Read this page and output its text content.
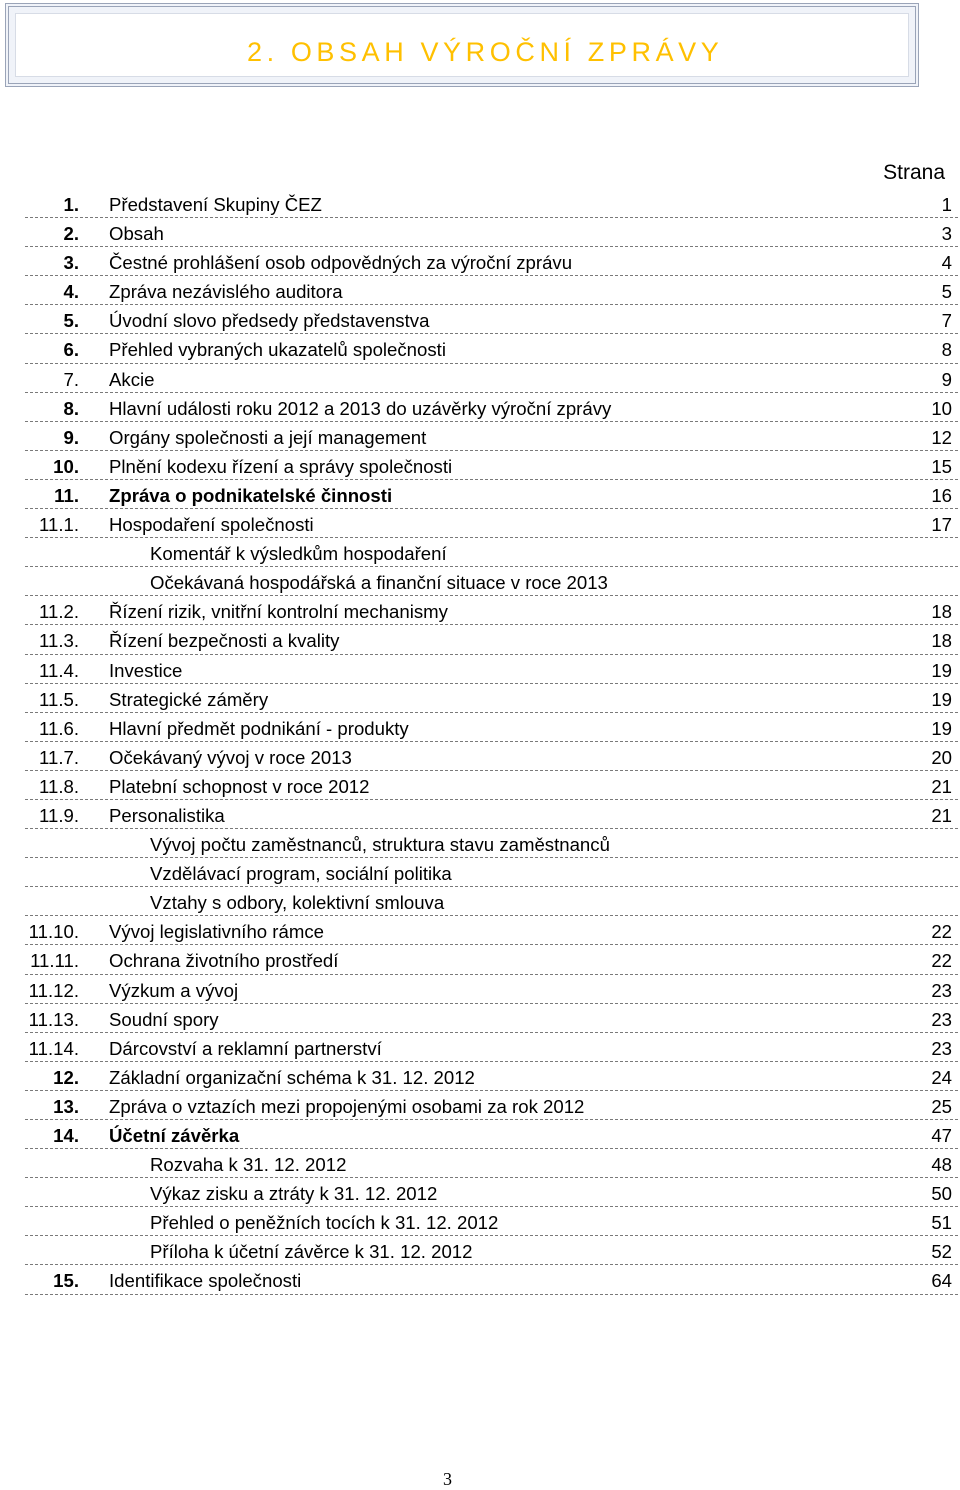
2. OBSAH VÝROČNÍ ZPRÁVY
Strana
1. Představení Skupiny ČEZ	1
2. Obsah	3
3. Čestné prohlášení osob odpovědných za výroční zprávu	4
4. Zpráva nezávislého auditora	5
5. Úvodní slovo předsedy představenstva	7
6. Přehled vybraných ukazatelů společnosti	8
7. Akcie	9
8. Hlavní události roku 2012 a 2013 do uzávěrky výroční zprávy	10
9. Orgány společnosti a její management	12
10. Plnění kodexu řízení a správy společnosti	15
11. Zpráva o podnikatelské činnosti	16
11.1. Hospodaření společnosti	17
Komentář k výsledkům hospodaření
Očekávaná hospodářská a finanční situace v roce 2013
11.2. Řízení rizik, vnitřní kontrolní mechanismy	18
11.3. Řízení bezpečnosti a kvality	18
11.4. Investice	19
11.5. Strategické záměry	19
11.6. Hlavní předmět podnikání - produkty	19
11.7. Očekávaný vývoj v roce 2013	20
11.8. Platební schopnost v roce 2012	21
11.9. Personalistika	21
Vývoj počtu zaměstnanců, struktura stavu zaměstnanců
Vzdělávací program, sociální politika
Vztahy s odbory, kolektivní smlouva
11.10. Vývoj legislativního rámce	22
11.11. Ochrana životního prostředí	22
11.12. Výzkum a vývoj	23
11.13. Soudní spory	23
11.14. Dárcovství a reklamní partnerství	23
12. Základní organizační schéma k 31. 12. 2012	24
13. Zpráva o vztazích mezi propojenými osobami za rok 2012	25
14. Účetní závěrka	47
Rozvaha k 31. 12. 2012	48
Výkaz zisku a ztráty k 31. 12. 2012	50
Přehled o peněžních tocích k 31. 12. 2012	51
Příloha k účetní závěrce k 31. 12. 2012	52
15. Identifikace společnosti	64
3
